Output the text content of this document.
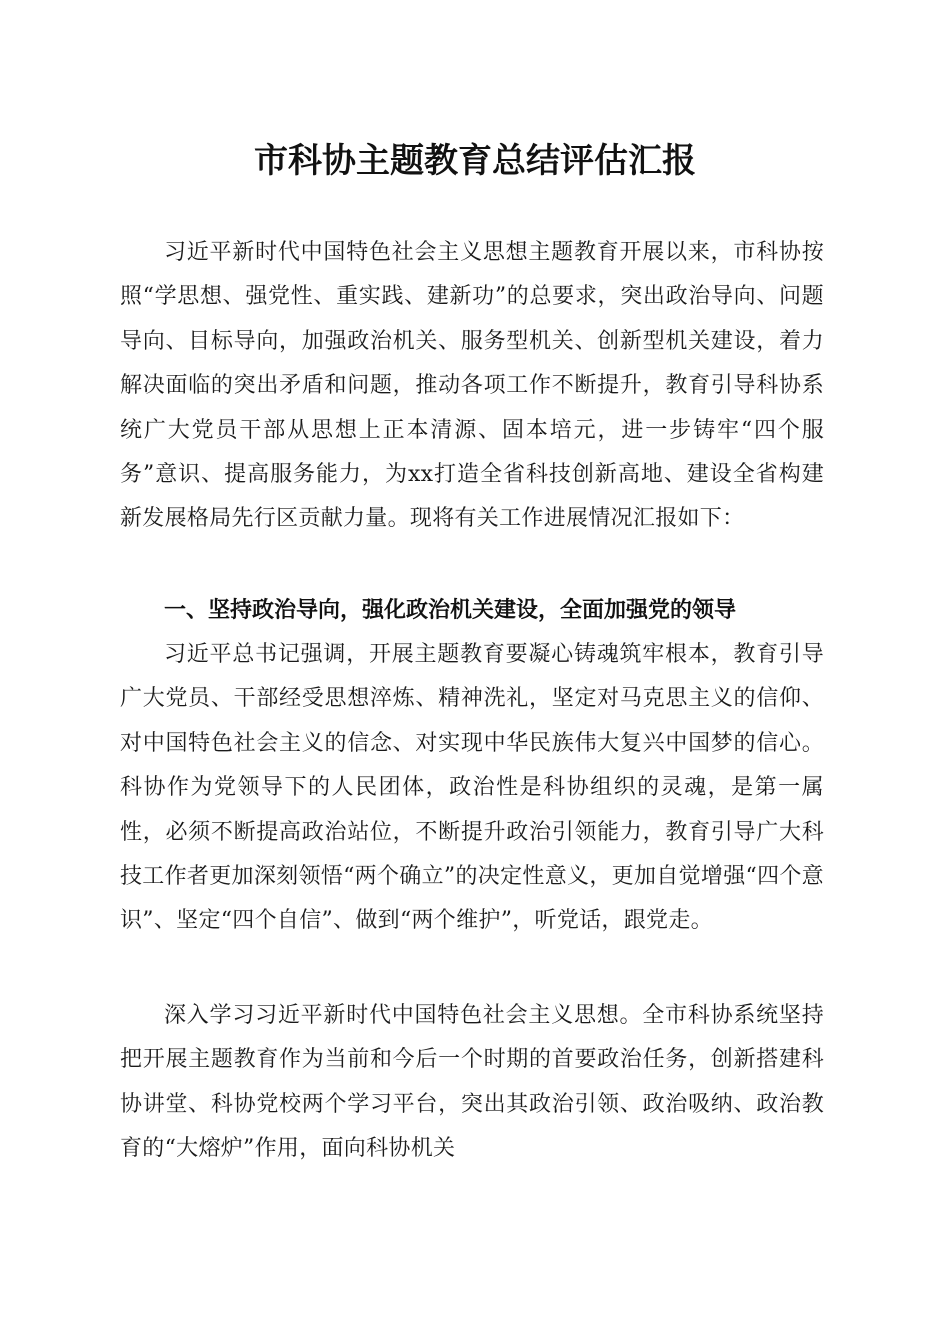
市科协主题教育总结评估汇报

习近平新时代中国特色社会主义思想主题教育开展以来，市科协按照“学思想、强党性、重实践、建新功”的总要求，突出政治导向、问题导向、目标导向，加强政治机关、服务型机关、创新型机关建设，着力解决面临的突出矛盾和问题，推动各项工作不断提升，教育引导科协系统广大党员干部从思想上正本清源、固本培元，进一步铸牢“四个服务”意识、提高服务能力，为xx打造全省科技创新高地、建设全省构建新发展格局先行区贡献力量。现将有关工作进展情况汇报如下：

一、坚持政治导向，强化政治机关建设，全面加强党的领导

习近平总书记强调，开展主题教育要凝心铸魂筑牢根本，教育引导广大党员、干部经受思想淬炼、精神洗礼，坚定对马克思主义的信仰、对中国特色社会主义的信念、对实现中华民族伟大复兴中国梦的信心。科协作为党领导下的人民团体，政治性是科协组织的灵魂，是第一属性，必须不断提高政治站位，不断提升政治引领能力，教育引导广大科技工作者更加深刻领悟“两个确立”的决定性意义，更加自觉增强“四个意识”、坚定“四个自信”、做到“两个维护”，听党话，跟党走。

深入学习习近平新时代中国特色社会主义思想。全市科协系统坚持把开展主题教育作为当前和今后一个时期的首要政治任务，创新搭建科协讲堂、科协党校两个学习平台，突出其政治引领、政治吸纳、政治教育的“大熔炉”作用，面向科协机关
